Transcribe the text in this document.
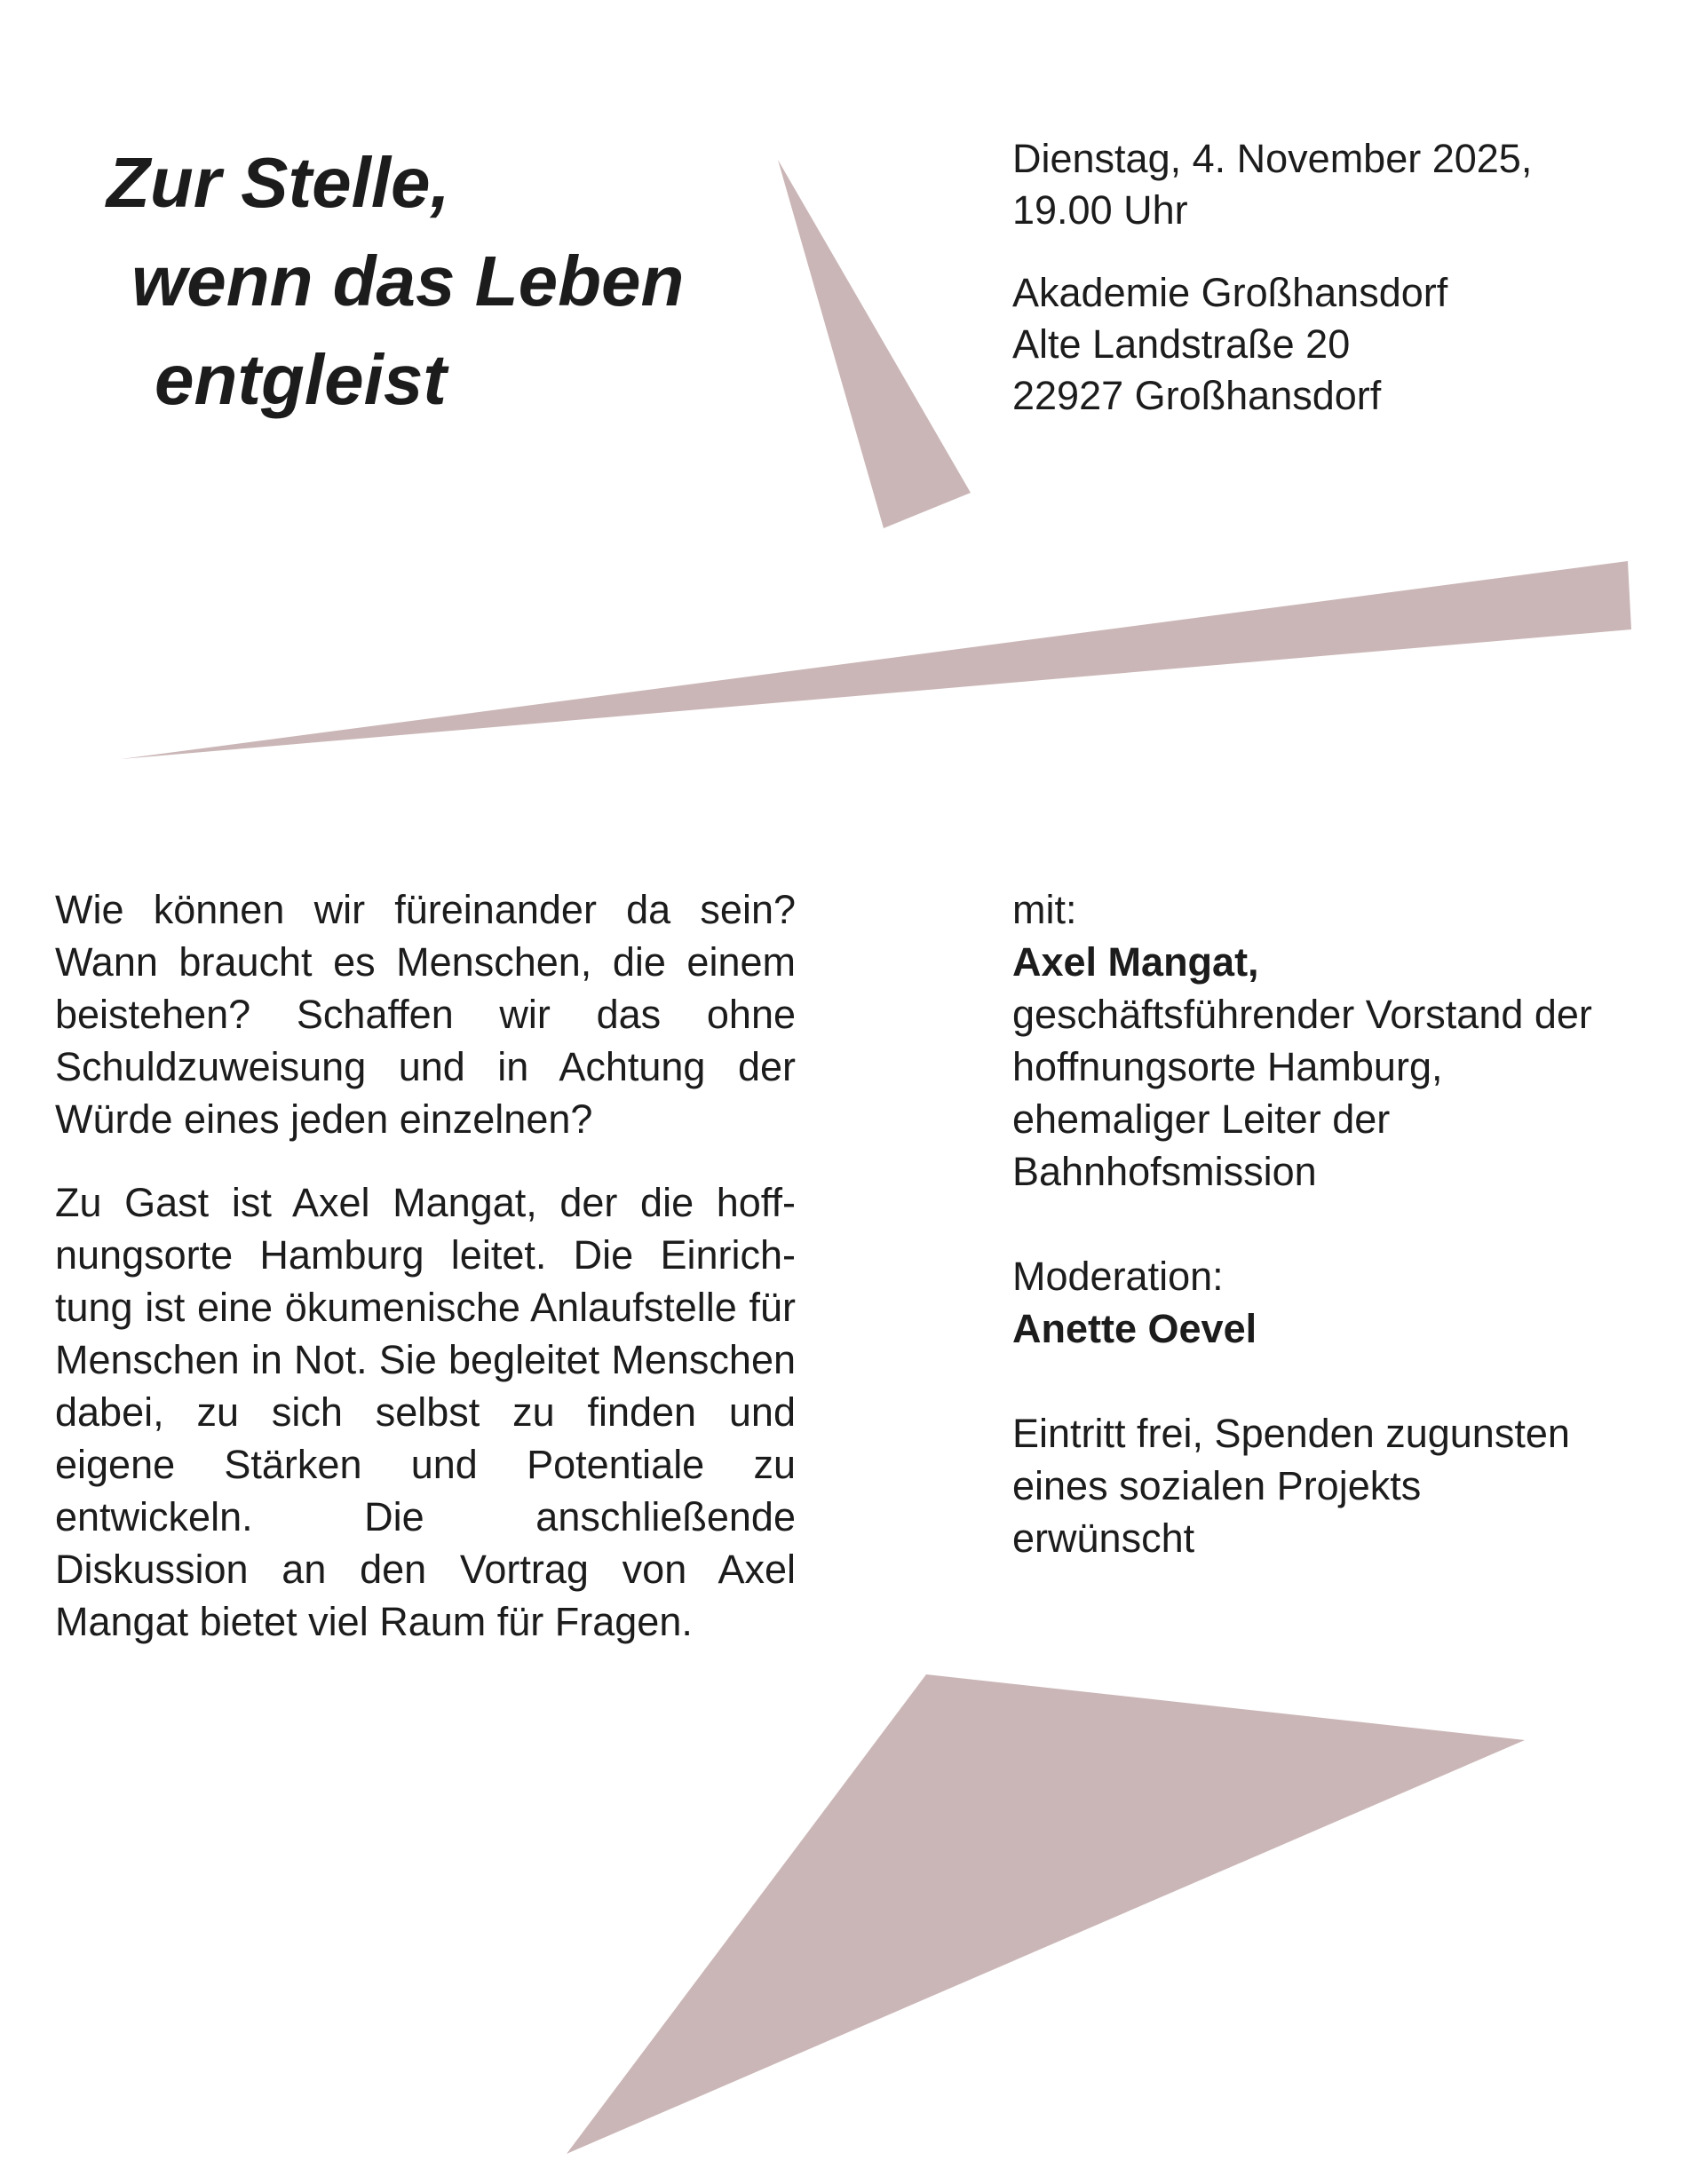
Zur Stelle,
wenn das Leben
entgleist
Dienstag, 4. November 2025,
19.00 Uhr
Akademie Großhansdorf
Alte Landstraße 20
22927 Großhansdorf

Wie können wir füreinander da sein? Wann braucht es Menschen, die einem beistehen? Schaffen wir das ohne Schuldzuweisung und in Achtung der Würde eines jeden einzelnen?

Zu Gast ist Axel Mangat, der die hoffnungsorte Hamburg leitet. Die Einrichtung ist eine ökumenische Anlaufstelle für Menschen in Not. Sie begleitet Menschen dabei, zu sich selbst zu finden und eigene Stärken und Potentiale zu entwickeln. Die anschließende Diskussion an den Vortrag von Axel Mangat bietet viel Raum für Fragen.

mit:
Axel Mangat,
geschäftsführender Vorstand der
hoffnungsorte Hamburg,
ehemaliger Leiter der
Bahnhofsmission

Moderation:
Anette Oevel

Eintritt frei, Spenden zugunsten
eines sozialen Projekts
erwünscht
